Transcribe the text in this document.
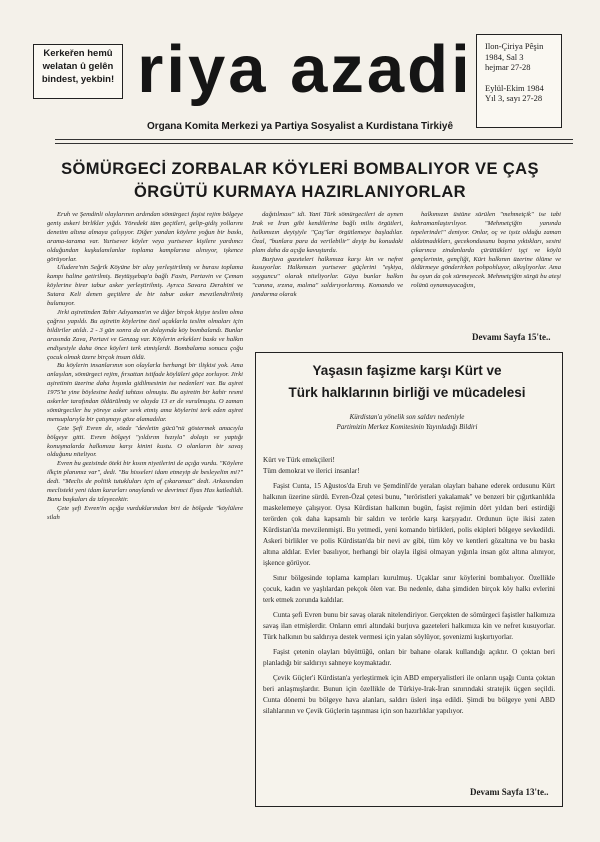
Kerkeřen hemû welatan û gelên bindest, yekbin! riya azadi Ilon-Çiriya Pêşin
1984, Sal 3
hejmar 27-28
Eylül-Ekim 1984
Yıl 3, sayı 27-28
Organa Komita Merkezi ya Partiya Sosyalist a Kurdistana Tirkiyê
SÖMÜRGECİ ZORBALAR KÖYLERİ BOMBALIYOR VE ÇAŞ
ÖRGÜTÜ KURMAYA HAZIRLANIYORLAR

Eruh ve Şemdinli olaylarının ardından sömürgeci faşist rejim bölgeye geniş askeri birlikler yığdı. Yöredeki tüm geçitleri, gelip-gidiş yollarını denetim altına almaya çalışıyor. Diğer yandan köylere yoğun bir baskı, arama-tarama var. Yurtsever köyler veya yurtsever kişilere yardımcı olduğundan kuşkulanılanlar toplama kamplarına alınıyor, işkence görüyorlar.

Uludere'nin Seğrik Köyüne bir alay yerleştirilmiş ve burası toplama kampı haline getirilmiş. Beytüşşebap'a bağlı Fasin, Pertavin ve Çeman köylerine birer tabur asker yerleştirilmiş. Ayrıca Savara Derahini ve Sutara Keli denen geçitlere de bir tabur asker mevzilendirilmiş bulunuyor.

Jirki aşiretinden Tahir Adıyaman'ın ve diğer birçok kişiye teslim olma çağrısı yapıldı. Bu aşiretin köylerine özel uçaklarla teslim olmaları için bildiriler atıldı. 2 - 3 gün sonra da on dolayında köy bombalandı. Bunlar arasında Zava, Pertavi ve Genzag var. Köylerin erkekleri baskı ve halkın endişesiyle daha önce köyleri terk etmişlerdi. Bombalama sonucu çoğu çocuk olmak üzere birçok insan öldü.

Bu köylerin insanlarının son olaylarla herhangi bir ilişkisi yok. Ama anlaşılan, sömürgeci rejim, fırsattan istifade köylüleri göçe zorluyor. Jirki aşiretinin üzerine daha hışımla gidilmesinin ise nedenleri var. Bu aşiret 1975'te yine böylesine hedef tahtası olmuştu. Bu aşiretin bir kahir resmi askerler tarafından öldürülmüş ve olayda 13 er de vurulmuştu. O zaman sömürgeciler bu yöreye asker sevk etmiş ama köylerini terk eden aşiret mensuplarıyla bir çatışmayı göze alamadılar.

Çete Şefi Evren de, sözde "devletin gücü"nü göstermek amacıyla bölgeye gitti. Evren bölgeyi "yıldırım hızıyla" dolaştı ve yaptığı konuşmalarda halkımıza karşı kinini kustu. O olanların bir savaş olduğunu niteliyor.

Evren bu gezisinde öteki bir kısım niyetlerini de açığa vurdu. "Köylere ilkçin planımız var", dedi. "Bu hisseleri idam etmeyip de besleyelim mi?" dedi. "Meclis de politik tutukluları için af çıkaramaz" dedi. Arkasından meclisteki yeni idam kararları onaylandı ve devrimci İlyas Has katledildi. Bunu başkaları da izleyecektir.

Çete şefi Evren'in açığa vurduklarından biri de bölgede "köylülere silah

dağıtılması" idi. Yani Türk sömürgecileri de aynen Irak ve İran gibi kendilerine bağlı milis örgütleri, halkımızın deyişiyle "Çaş"lar örgütlemeye başladılar. Özal, "bunlara para da verilebilir" deyip bu konudaki planı daha da açığa kavuşturdu.

Burjuva gazeteleri halkımıza karşı kin ve nefret kusuyorlar. Halkımızın yurtsever güçlerini "eşkiya, soyguncu" olarak niteliyorlar. Güya bunlar halkın "canına, ırzına, malına" saldırıyorlarmış. Komando ve jandarma olarak

halkımızın üstüne sürülen "mehmetçik" ise tabi kahramanlaştırılıyor. "Mehmetçiğin yanında tepelerinde!" deniyor. Onlar, oç ve işsiz olduğu zaman aldatmadıkları, gecekondusunu başına yıktıkları, sesini çıkarınca zindanlarda çürüttükleri işçi ve köylü gençlerimin, gençliği, Kürt halkının üzerine ölüme ve öldürmeye gönderirken pohpohluyor, alkışlıyorlar. Ama bu oyun da çok sürmeyecek. Mehmetçiğin sürgü bu ateşi rolünü oynamayacağını,

Devamı Sayfa 15'te..
Yaşasın faşizme karşı Kürt ve
Türk halklarının birliği ve mücadelesi
Kürdistan'a yönelik son saldırı nedeniyle
Partimizin Merkez Komitesinin Yayınladığı Bildiri

Kürt ve Türk emekçileri!

Tüm demokrat ve ilerici insanlar!

Faşist Cunta, 15 Ağustos'da Eruh ve Şemdinli'de yeralan olayları bahane ederek ordusunu Kürt halkının üzerine sürdü. Evren-Özal çetesi bunu, "teröristleri yakalamak" ve benzeri bir çığırtkanlıkla maskelemeye çalışıyor. Oysa Kürdistan halkının bugün, faşist rejimin dört yıldan beri estirdiği terörden çok daha kapsamlı bir saldırı ve terörle karşı karşıyadır. Ordunun üçte ikisi zaten Kürdistan'da mevzilenmişti. Bu yetmedi, yeni komando birlikleri, polis ekipleri bölgeye sevkedildi. Askeri birlikler ve polis Kürdistan'da bir nevi av gibi, tüm köy ve kentleri gözaltına ve bu baskı altına aldılar. Evler basılıyor, herhangi bir olayla ilgisi olmayan yığınla insan göz altına alınıyor, işkence görüyor.

Sınır bölgesinde toplama kampları kurulmuş. Uçaklar sınır köylerini bombalıyor. Özellikle çocuk, kadın ve yaşlılardan pekçok ölen var. Bu nedenle, daha şimdiden birçok köy halkı evlerini terk etmek zorunda kaldılar.

Cunta şefi Evren bunu bir savaş olarak nitelendiriyor. Gerçekten de sömürgeci faşistler halkımıza savaş ilan etmişlerdir. Onların emri altındaki burjuva gazeteleri halkımıza kin ve nefret kusuyorlar. Türk halkının bu saldırıya destek vermesi için yalan söylüyor, şovenizmi kışkırtıyorlar.

Faşist çetenin olayları büyüttüğü, onları bir bahane olarak kullandığı açıktır. O çoktan beri planladığı bir saldırıyı sahneye koymaktadır.

Çevik Güçler'i Kürdistan'a yerleştirmek için ABD emperyalistleri ile onların uşağı Cunta çoktan beri anlaşmışlardır. Bunun için özellikle de Türkiye-Irak-İran sınırındaki stratejik üçgen seçildi. Cunta dönemi bu bölgeye hava alanları, saldırı üsleri inşa edildi. Şimdi bu bölgeye yeni ABD silahlarının ve Çevik Güçlerin taşınması için son hazırlıklar yapılıyor.

Devamı Sayfa 13'te..
